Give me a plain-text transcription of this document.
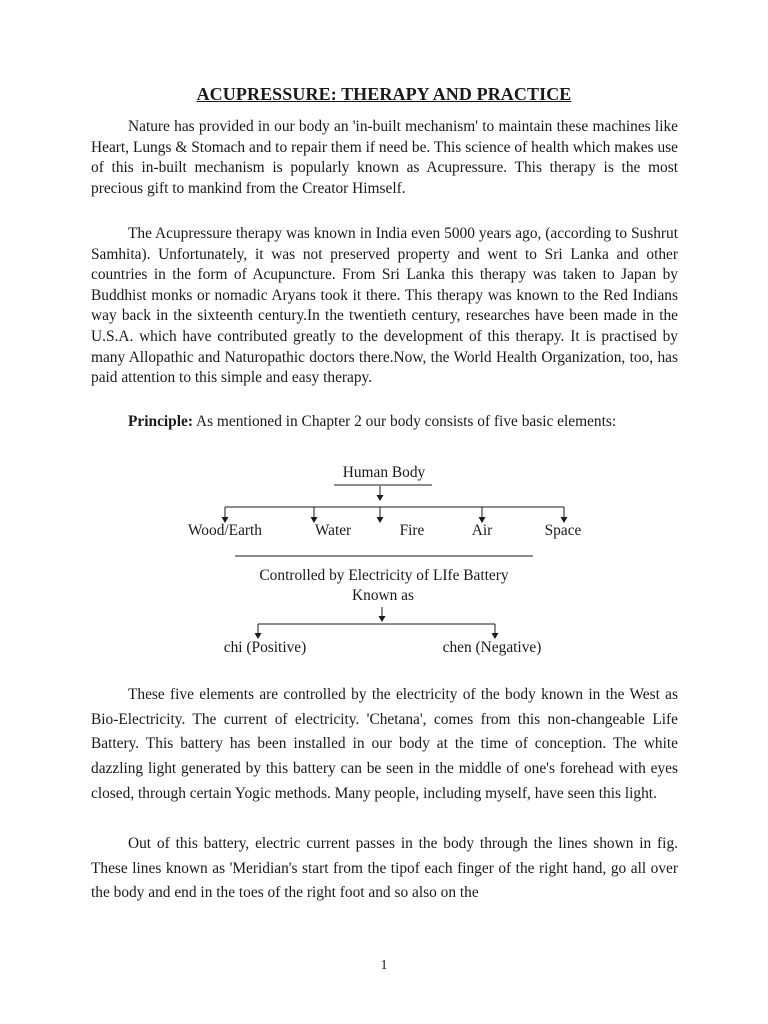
ACUPRESSURE: THERAPY AND PRACTICE

Nature has provided in our body an 'in-built mechanism' to maintain these machines like Heart, Lungs & Stomach and to repair them if need be. This science of health which makes use of this in-built mechanism is popularly known as Acupressure. This therapy is the most precious gift to mankind from the Creator Himself.

The Acupressure therapy was known in India even 5000 years ago, (according to Sushrut Samhita). Unfortunately, it was not preserved property and went to Sri Lanka and other countries in the form of Acupuncture. From Sri Lanka this therapy was taken to Japan by Buddhist monks or nomadic Aryans took it there. This therapy was known to the Red Indians way back in the sixteenth century.In the twentieth century, researches have been made in the U.S.A. which have contributed greatly to the development of this therapy. It is practised by many Allopathic and Naturopathic doctors there.Now, the World Health Organization, too, has paid attention to this simple and easy therapy.

Principle: As mentioned in Chapter 2 our body consists of five basic elements:

Human Body
Wood/Earth	Water	Fire	Air	Space
Controlled by Electricity of LIfe Battery
Known as
chi (Positive)	chen (Negative)

These five elements are controlled by the electricity of the body known in the West as Bio-Electricity. The current of electricity. 'Chetana', comes from this non-changeable Life Battery. This battery has been installed in our body at the time of conception. The white dazzling light generated by this battery can be seen in the middle of one's forehead with eyes closed, through certain Yogic methods. Many people, including myself, have seen this light.

Out of this battery, electric current passes in the body through the lines shown in fig. These lines known as 'Meridian's start from the tipof each finger of the right hand, go all over the body and end in the toes of the right foot and so also on the

1
